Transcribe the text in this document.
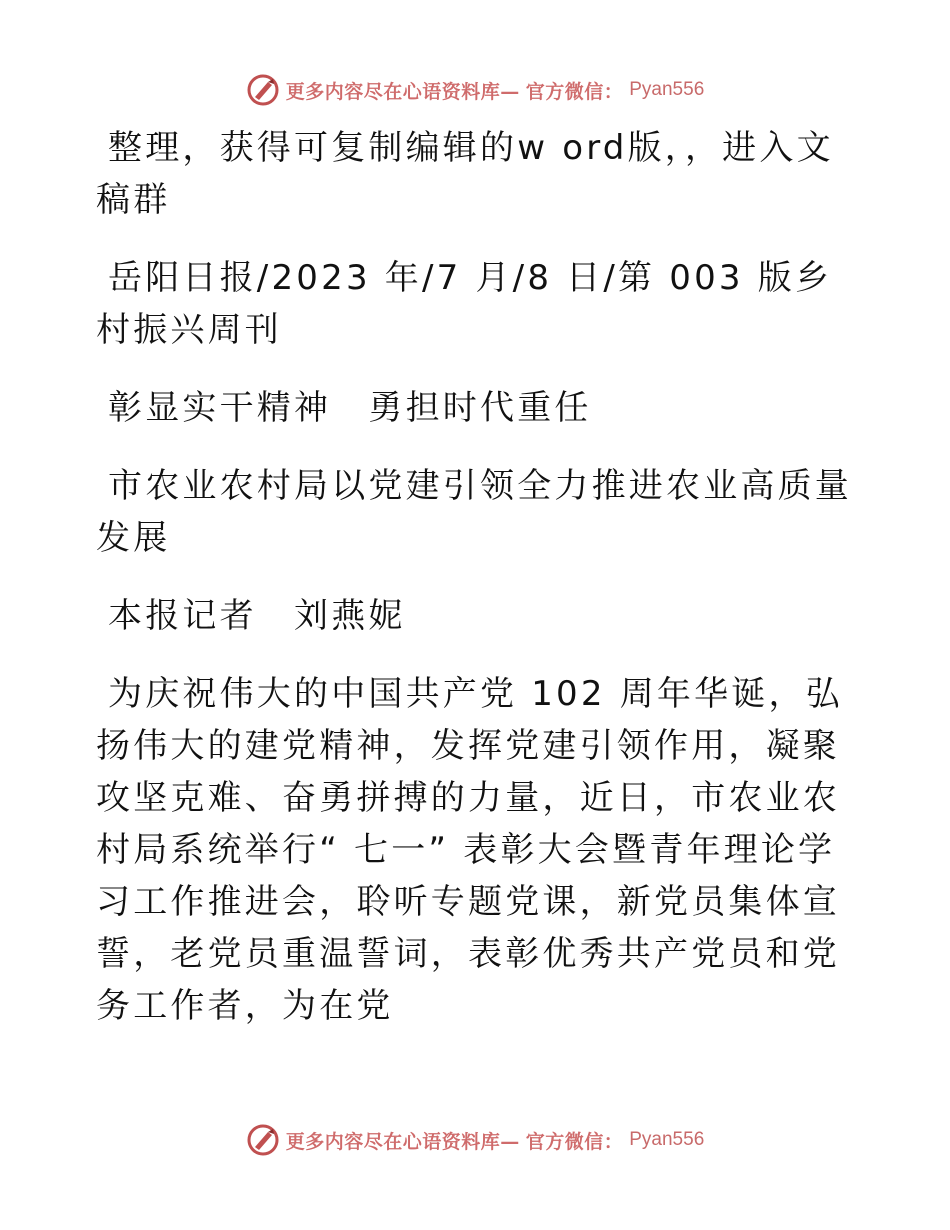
更多内容尽在心语资料库— 官方微信： Pyan556

整理，获得可复制编辑的w ord版，，进入文稿群

岳阳日报/2023 年/7 月/8 日/第 003 版乡村振兴周刊

彰显实干精神　勇担时代重任

市农业农村局以党建引领全力推进农业高质量发展

本报记者　刘燕妮

为庆祝伟大的中国共产党 102 周年华诞，弘扬伟大的建党精神，发挥党建引领作用，凝聚攻坚克难、奋勇拼搏的力量，近日，市农业农村局系统举行“ 七一” 表彰大会暨青年理论学习工作推进会，聆听专题党课，新党员集体宣誓，老党员重温誓词，表彰优秀共产党员和党务工作者，为在党

更多内容尽在心语资料库— 官方微信： Pyan556
